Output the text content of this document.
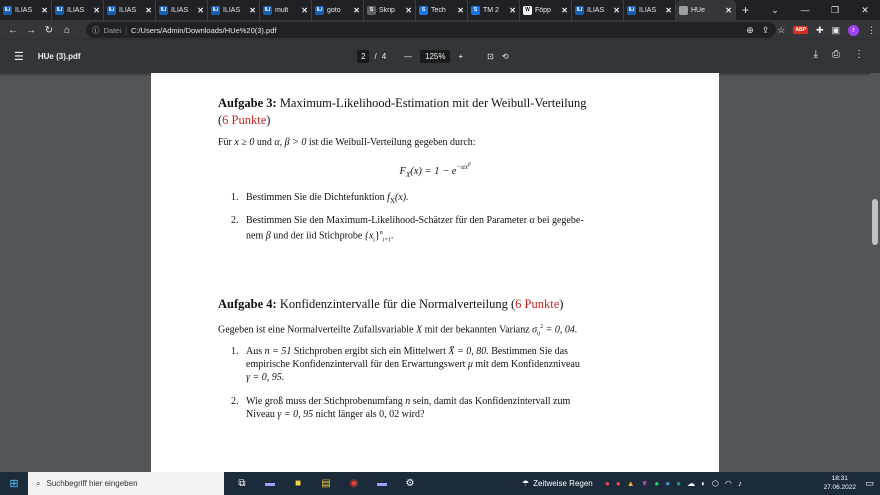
ILI ILIAS	✕	ILI ILIAS	✕	ILI ILIAS	✕	ILI ILIAS	✕	ILI ILIAS	✕	ILI mult	✕	ILI goto	✕	S Skrip	✕	S Tech	✕	S TM 2	✕	W Föpp	✕	ILI ILIAS	✕	ILI ILIAS	✕	HUe	✕ +	⌄	—	❐	✕
← → ↻	⌂	ⓘ Datei | C:/Users/Admin/Downloads/HUe%20(3).pdf	⊕ ⇪ ☆	ABP ✚ ▣	r	⋮
☰ HUe (3).pdf	2	/ 4 —	125%	+	⊡ ⟲	⤓ ⎙ ⋮
Aufgabe 3: Maximum-Likelihood-Estimation mit der Weibull-Verteilung
(6 Punkte)
Für x ≥ 0 und α, β > 0 ist die Weibull-Verteilung gegeben durch:
$F_X(x) = 1 - e^{-\alpha x^\beta}$
1. Bestimmen Sie die Dichtefunktion $f_X(x)$.
2. Bestimmen Sie den Maximum-Likelihood-Schätzer für den Parameter α bei gegebe-
nem β und der iid Stichprobe $\{x_i\}^n_{i=1}$.
Aufgabe 4: Konfidenzintervalle für die Normalverteilung (6 Punkte)
Gegeben ist eine Normalverteilte Zufallsvariable X mit der bekannten Varianz $\sigma_0^2 = 0$, 04.
1. Aus n = 51 Stichproben ergibt sich ein Mittelwert X̄ = 0, 80. Bestimmen Sie das
empirische Konfidenzintervall für den Erwartungswert μ mit dem Konfidenzniveau
γ = 0, 95.
2. Wie groß muss der Stichprobenumfang n sein, damit das Konfidenzintervall zum
Niveau γ = 0, 95 nicht länger als 0, 02 wird?
⊞	⌕ Suchbegriff hier eingeben	⧉	▬	■	▤	◉	▬	⚙	☂ Zeitweise Regen ● ● ▲ ▼ ● ● ● ☁ ◐ ⬡ ◠ ♪
18:31
27.06.2022 ▭
